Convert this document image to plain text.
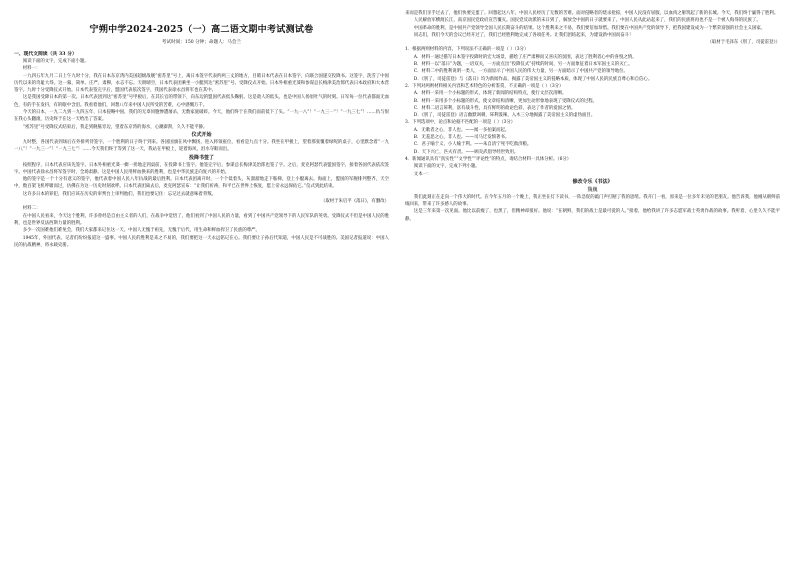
宁朔中学2024-2025（一）高二语文期中考试测试卷
考试时间：150 分钟；命题人：马会兰
一、现代文阅读（共 33 分）

阅读下面的文字，完成下面小题。

材料一：

一九四五年九月二日上午九时十分，我在日本东京湾内美国超级战舰“密苏里”号上，离日本签字代表约两三丈的地方，目睹日本代表在日本签字，向联合国递交投降书。这签字，洗雪了中国历代以来的奇耻大辱。这一幕，简单、庄严、肃穆，永志不忘。天朗晴空，日本代表团乘坐一小艇到达“密苏里”号。受降仪式开始。日本外相重光葵和参谋总长梅津美治郎代表日本政府和大本营签字。九时十分受降仪式开始。日本代表签完字后，盟国代表依次签字，我国代表徐永昌将军也在其中。

这是我国受降日本的第一次。日本代表团到达“密苏里”号甲板后，在其长官的带领下，向东边的盟国代表低头鞠躬。这是敌人的低头，也是中国人扬眉吐气的时刻。日军每一位代表都面无血色，有的手在发抖，有的眼中含泪。我看着他们，回想八年来中国人民所受的苦难，心中感慨万千。

今天的日本，一九二九到一九四五年，日本侵略中国，我们的无辜同胞惨遭屠杀，无数家庭破碎。今天，他们终于在我们面前低下了头。“一九一八”！“一九三一”！“一九三七”！……仇与恨在我心头翻滚，历史终于在这一天给出了答案。

“密苏里”号受降仪式结束后，我走到舰舷旁边，望着东京湾的海水，心潮澎湃，久久不能平静。

仪式开始

九时整，各国代表到场后在外排列待签字。一个胜利的日子终于到来。各国国旗在风中飘扬，进入将领座位，看看是九点十分。我坐在甲板上，望着那张覆着绿呢的桌子，心里默念着“一九一八”！“一九三一”！“一九三七”！……今天我们终于等到了这一天，我站在甲板上，迎着海风，泪水夺眶而出。

投降书签了

按照程序，日本代表应该先签字。日本外相重光葵一瘸一拐地走到桌前，在投降书上签字。他签完字后，参谋总长梅津美治郎也签了字。之后，麦克阿瑟代表盟国签字，接着各国代表依次签字。中国代表徐永昌将军签字时，全场肃静。这是中国人民用鲜血换来的胜利，也是中华民族走向复兴的开始。

他的签字是一个十分有意义的签字，他代表着中国人民八年抗战的最后胜利。日本代表团离开时，一个个低着头，灰溜溜地走下舷梯，登上小艇离去。海面上，盟国的军舰排列整齐，天空中，数百架飞机呼啸而过，仿佛在为这一历史时刻欢呼。日本代表团离去后，麦克阿瑟宣布：“让我们祈祷，和平已在世界上恢复，愿上帝永远保佑它。”仪式到此结束。

这许多日本的罪犯，我们应该在历史的审判台上审判他们，我们也要记住：忘记过去就意味着背叛。

（取材于朱启平《落日》，有删改）

材料二：

在中国人民看来，今天这个胜利，许多曾经是自由主义者的人们，在战争中觉悟了，他们看到了中国人民的力量，看到了中国共产党领导下的人民军队的英勇。受降仪式不但是中国人民的胜利，也是世界反法西斯力量的胜利。

多少一次国难他们难免会，我们大家都来记住这一天。中国人无愧于祖先，无愧于后代，用生命和鲜血捍卫了民族的尊严。

1945年，外国代表、记者们纷纷报道这一盛事。中国人民的胜利是来之不易的，我们要把这一天永远铭记在心。我们要让子孙后代知道，中国人民是不可战胜的。美国记者报道说：中国人民的抗战精神，将永载史册。

来而是我们亲手过去了，他们快要完蛋了。回想起这八年，中国人民经历了无数的苦难。面对侵略者的烧杀抢掠，中国人民没有屈服，以血肉之躯筑起了新的长城。今天，我们终于赢得了胜利。

人民解放军横渡长江，南京国民党政府宣告覆灭。国民党反动派的末日到了，解放全中国的日子就要来了。中国人民从此站起来了，我们的民族将再也不是一个被人侮辱的民族了。

中国革命的胜利，是中国共产党领导全国人民长期奋斗的结果。这个胜利来之不易，我们要倍加珍惜。我们要在中国共产党的领导下，把我国建设成为一个繁荣富强的社会主义国家。

同志们，我们今天的会议已经开过了，我们已经胜利地完成了各项任务。让我们团结起来，为建设新中国而奋斗！

（取材于毛泽东《别了，司徒雷登》）
1．根据两则材料的内容，下列说法不正确的一项是（ ）（3分）

A．材料一通过描写日本签字投降时的宏大场景，描绘了庄严肃穆而又喜庆的氛围，表达了胜利者心中的喜悦之情。

B．材料一以“落日”为题，一语双关，一方面点出“投降仪式”持续的时间，另一方面象征着日本军国主义的灭亡。

C．材料二中的胜利说明一类人，一方面显示了中国人民的伟大力量，另一方面暗示了中国共产党的领导地位。

D．《别了，司徒雷登》与《落日》均为新闻作品，揭露了美帝国主义的侵略本质，体现了中国人民的民族自尊心和自信心。

2．下列对两则材料相关内容和艺术特色的分析鉴赏，不正确的一项是（ ）（3分）

A．材料一采用一个小标题的形式，体现了新闻的结构特点，使行文层次清晰。

B．材料一采用多个小标题的形式，使文章结构清晰，更加生动形象地表现了受降仪式的过程。

C．材料二语言犀利，富有战斗性，具有鲜明的政论色彩，表达了作者的爱国之情。

D．《别了，司徒雷登》语言幽默讽刺，犀利泼辣，入木三分地揭露了美帝国主义的虚伪面目。

3．下列选项中，论点和论据不匹配的一项是（ ）（3分）

A．无歌者之心，非人也。——闻一多拍案而起。

B．无羞恶之心，非人也。——司马迁发愤著书。

C．君子喻于义，小人喻于利。——朱自清宁死不吃救济粮。

D．天下兴亡，匹夫有责。——顾炎武倡导经世致用。

4．新闻通讯具有“真实性”“文学性”“评论性”的特点，请结合材料一具体分析。（6分）

阅读下面的文字，完成下列小题。

文本一：

修改令乐《书法》
魏巍

我们此刻正在走向一个伟大的时代。在今年五月的一个晚上，我正坐在灯下读书，一阵急促的敲门声打断了我的思绪。我开门一看，原来是一位多年未见的老朋友。他告诉我，他刚从朝鲜前线回来，带来了许多感人的故事。

这是三年来第一次见面。他比以前瘦了，也黑了，但精神却很好。他说：“在朝鲜，我们的战士是最可爱的人。”接着，他给我讲了许多志愿军战士英勇作战的故事。我听着，心里久久不能平静。
